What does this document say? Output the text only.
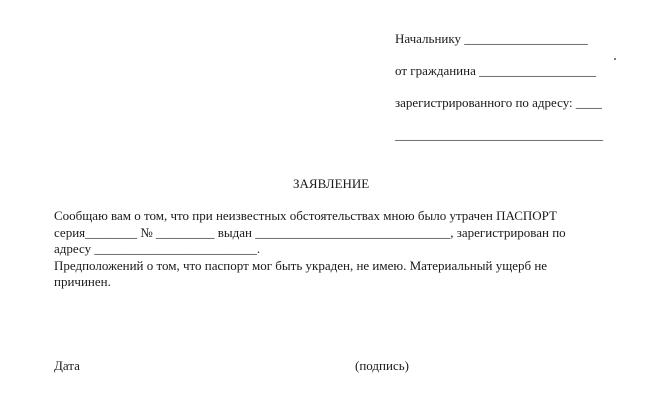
Начальнику ___________________
от гражданина __________________
зарегистрированного по адресу: ____
________________________________
ЗАЯВЛЕНИЕ
Сообщаю вам о том, что при неизвестных обстоятельствах мною было утрачен ПАСПОРТ
серия________ № _________ выдан ______________________________, зарегистрирован по
адресу _________________________.
Предположений о том, что паспорт мог быть украден, не имею. Материальный ущерб не
причинен.
Дата	(подпись)
